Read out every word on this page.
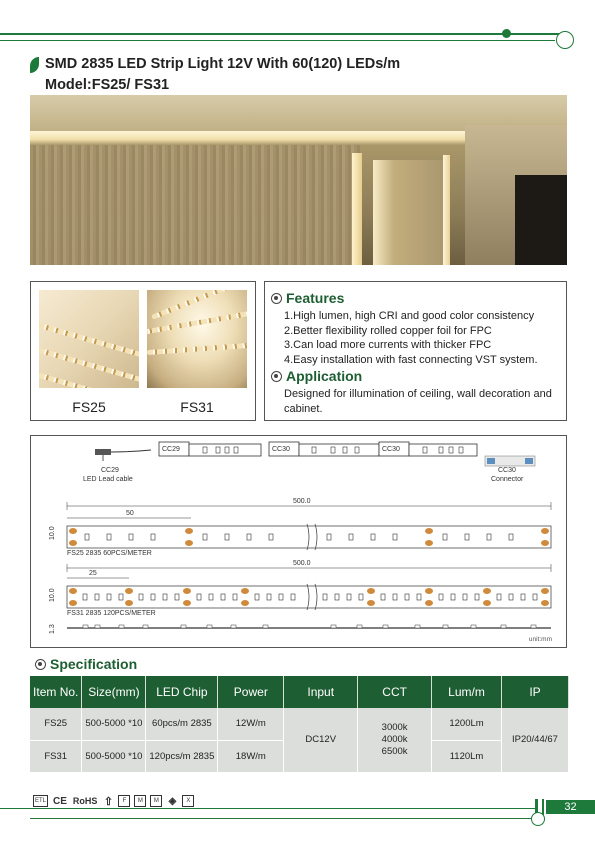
SMD 2835 LED Strip Light 12V With 60(120) LEDs/m
Model:FS25/ FS31
FS25	FS31
Features
1.High lumen, high CRI and good color consistency
2.Better flexibility rolled copper foil for FPC
3.Can load more currents with thicker FPC
4.Easy installation with fast connecting VST system.
Application
Designed for illumination of ceiling, wall decoration and cabinet.
CC29	CC30	CC30
CC29
LED Lead cable
CC30
Connector
500.0
50
10.0
FS25 2835 60PCS/METER
500.0
25
10.0
FS31 2835 120PCS/METER
1.3
unit:mm
Specification
Item No.	Size(mm)	LED Chip	Power	Input	CCT	Lum/m	IP
FS25	500-5000 *10	60pcs/m 2835	12W/m	DC12V	3000k
4000k
6500k	1200Lm	IP20/44/67
FS31	500-5000 *10	120pcs/m 2835	18W/m			1120Lm	
ETL CE RoHS ⇧	F	M	M ◈	X	32
